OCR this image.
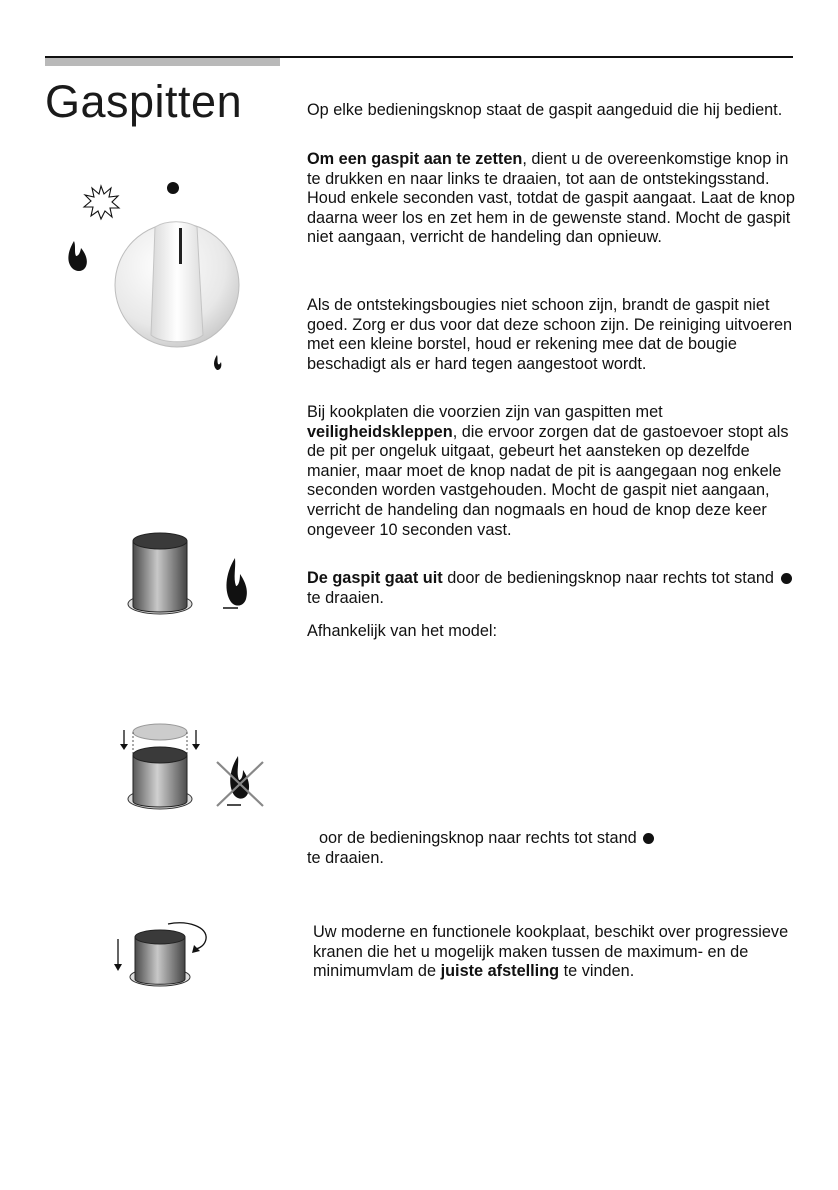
Gaspitten	Op elke bedieningsknop staat de gaspit aangeduid die hij bedient.

Om een gaspit aan te zetten, dient u de overeenkomstige knop in te drukken en naar links te draaien, tot aan de ontstekingsstand. Houd enkele seconden vast, totdat de gaspit aangaat. Laat de knop daarna weer los en zet hem in de gewenste stand. Mocht de gaspit niet aangaan, verricht de handeling dan opnieuw.

Als de ontstekingsbougies niet schoon zijn, brandt de gaspit niet goed. Zorg er dus voor dat deze schoon zijn. De reiniging uitvoeren met een kleine borstel, houd er rekening mee dat de bougie beschadigt als er hard tegen aangestoot wordt.

Bij kookplaten die voorzien zijn van gaspitten met veiligheidskleppen, die ervoor zorgen dat de gastoevoer stopt als de pit per ongeluk uitgaat, gebeurt het aansteken op dezelfde manier, maar moet de knop nadat de pit is aangegaan nog enkele seconden worden vastgehouden. Mocht de gaspit niet aangaan, verricht de handeling dan nogmaals en houd de knop deze keer ongeveer 10 seconden vast.

De gaspit gaat uit door de bedieningsknop naar rechts tot stand  te draaien.

Afhankelijk van het model:

oor de bedieningsknop naar rechts tot stand
te draaien.

Uw moderne en functionele kookplaat, beschikt over progressieve kranen die het u mogelijk maken tussen de maximum- en de minimumvlam de juiste afstelling te vinden.
